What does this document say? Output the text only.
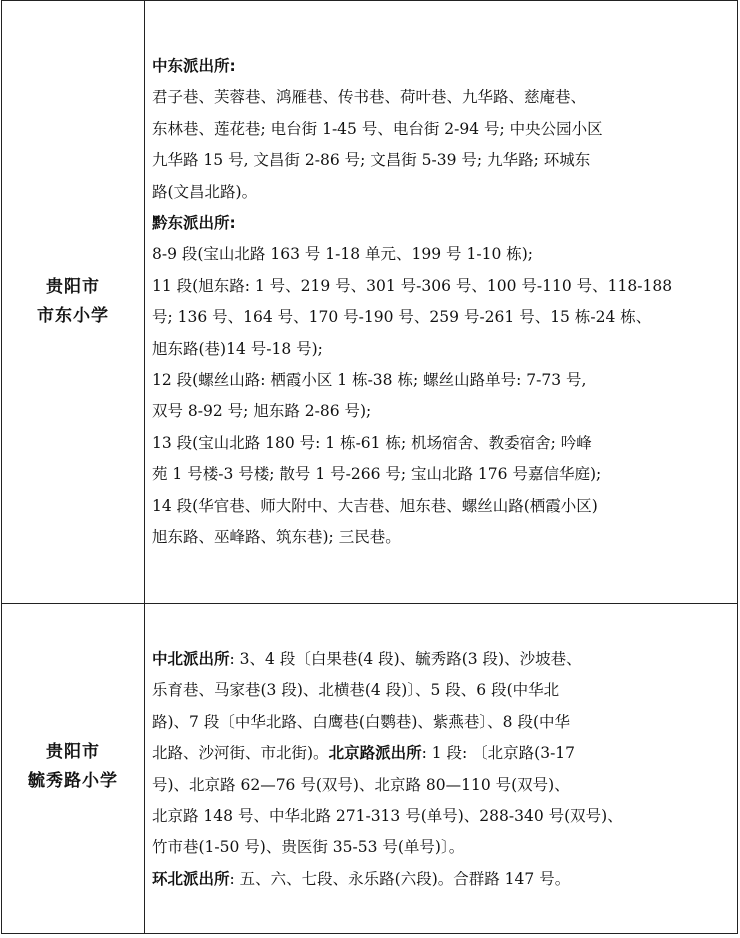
贵阳市
市东小学

中东派出所:

君子巷、芙蓉巷、鸿雁巷、传书巷、荷叶巷、九华路、慈庵巷、

东林巷、莲花巷; 电台街 1-45 号、电台街 2-94 号; 中央公园小区

九华路 15 号, 文昌街 2-86 号; 文昌街 5-39 号; 九华路; 环城东

路(文昌北路)。

黔东派出所:

8-9 段(宝山北路 163 号 1-18 单元、199 号 1-10 栋);

11 段(旭东路: 1 号、219 号、301 号-306 号、100 号-110 号、118-188

号; 136 号、164 号、170 号-190 号、259 号-261 号、15 栋-24 栋、

旭东路(巷)14 号-18 号);

12 段(螺丝山路: 栖霞小区 1 栋-38 栋; 螺丝山路单号: 7-73 号,

双号 8-92 号; 旭东路 2-86 号);

13 段(宝山北路 180 号: 1 栋-61 栋; 机场宿舍、教委宿舍; 吟峰

苑 1 号楼-3 号楼; 散号 1 号-266 号; 宝山北路 176 号嘉信华庭);

14 段(华官巷、师大附中、大吉巷、旭东巷、螺丝山路(栖霞小区)

旭东路、巫峰路、筑东巷); 三民巷。

贵阳市
毓秀路小学

中北派出所: 3、4 段〔白果巷(4 段)、毓秀路(3 段)、沙坡巷、

乐育巷、马家巷(3 段)、北横巷(4 段)〕、5 段、6 段(中华北

路)、7 段〔中华北路、白鹰巷(白鹦巷)、紫燕巷〕、8 段(中华

北路、沙河街、市北街)。北京路派出所: 1 段: 〔北京路(3-17

号)、北京路 62—76 号(双号)、北京路 80—110 号(双号)、

北京路 148 号、中华北路 271-313 号(单号)、288-340 号(双号)、

竹市巷(1-50 号)、贵医街 35-53 号(单号)〕。

环北派出所: 五、六、七段、永乐路(六段)。合群路 147 号。
